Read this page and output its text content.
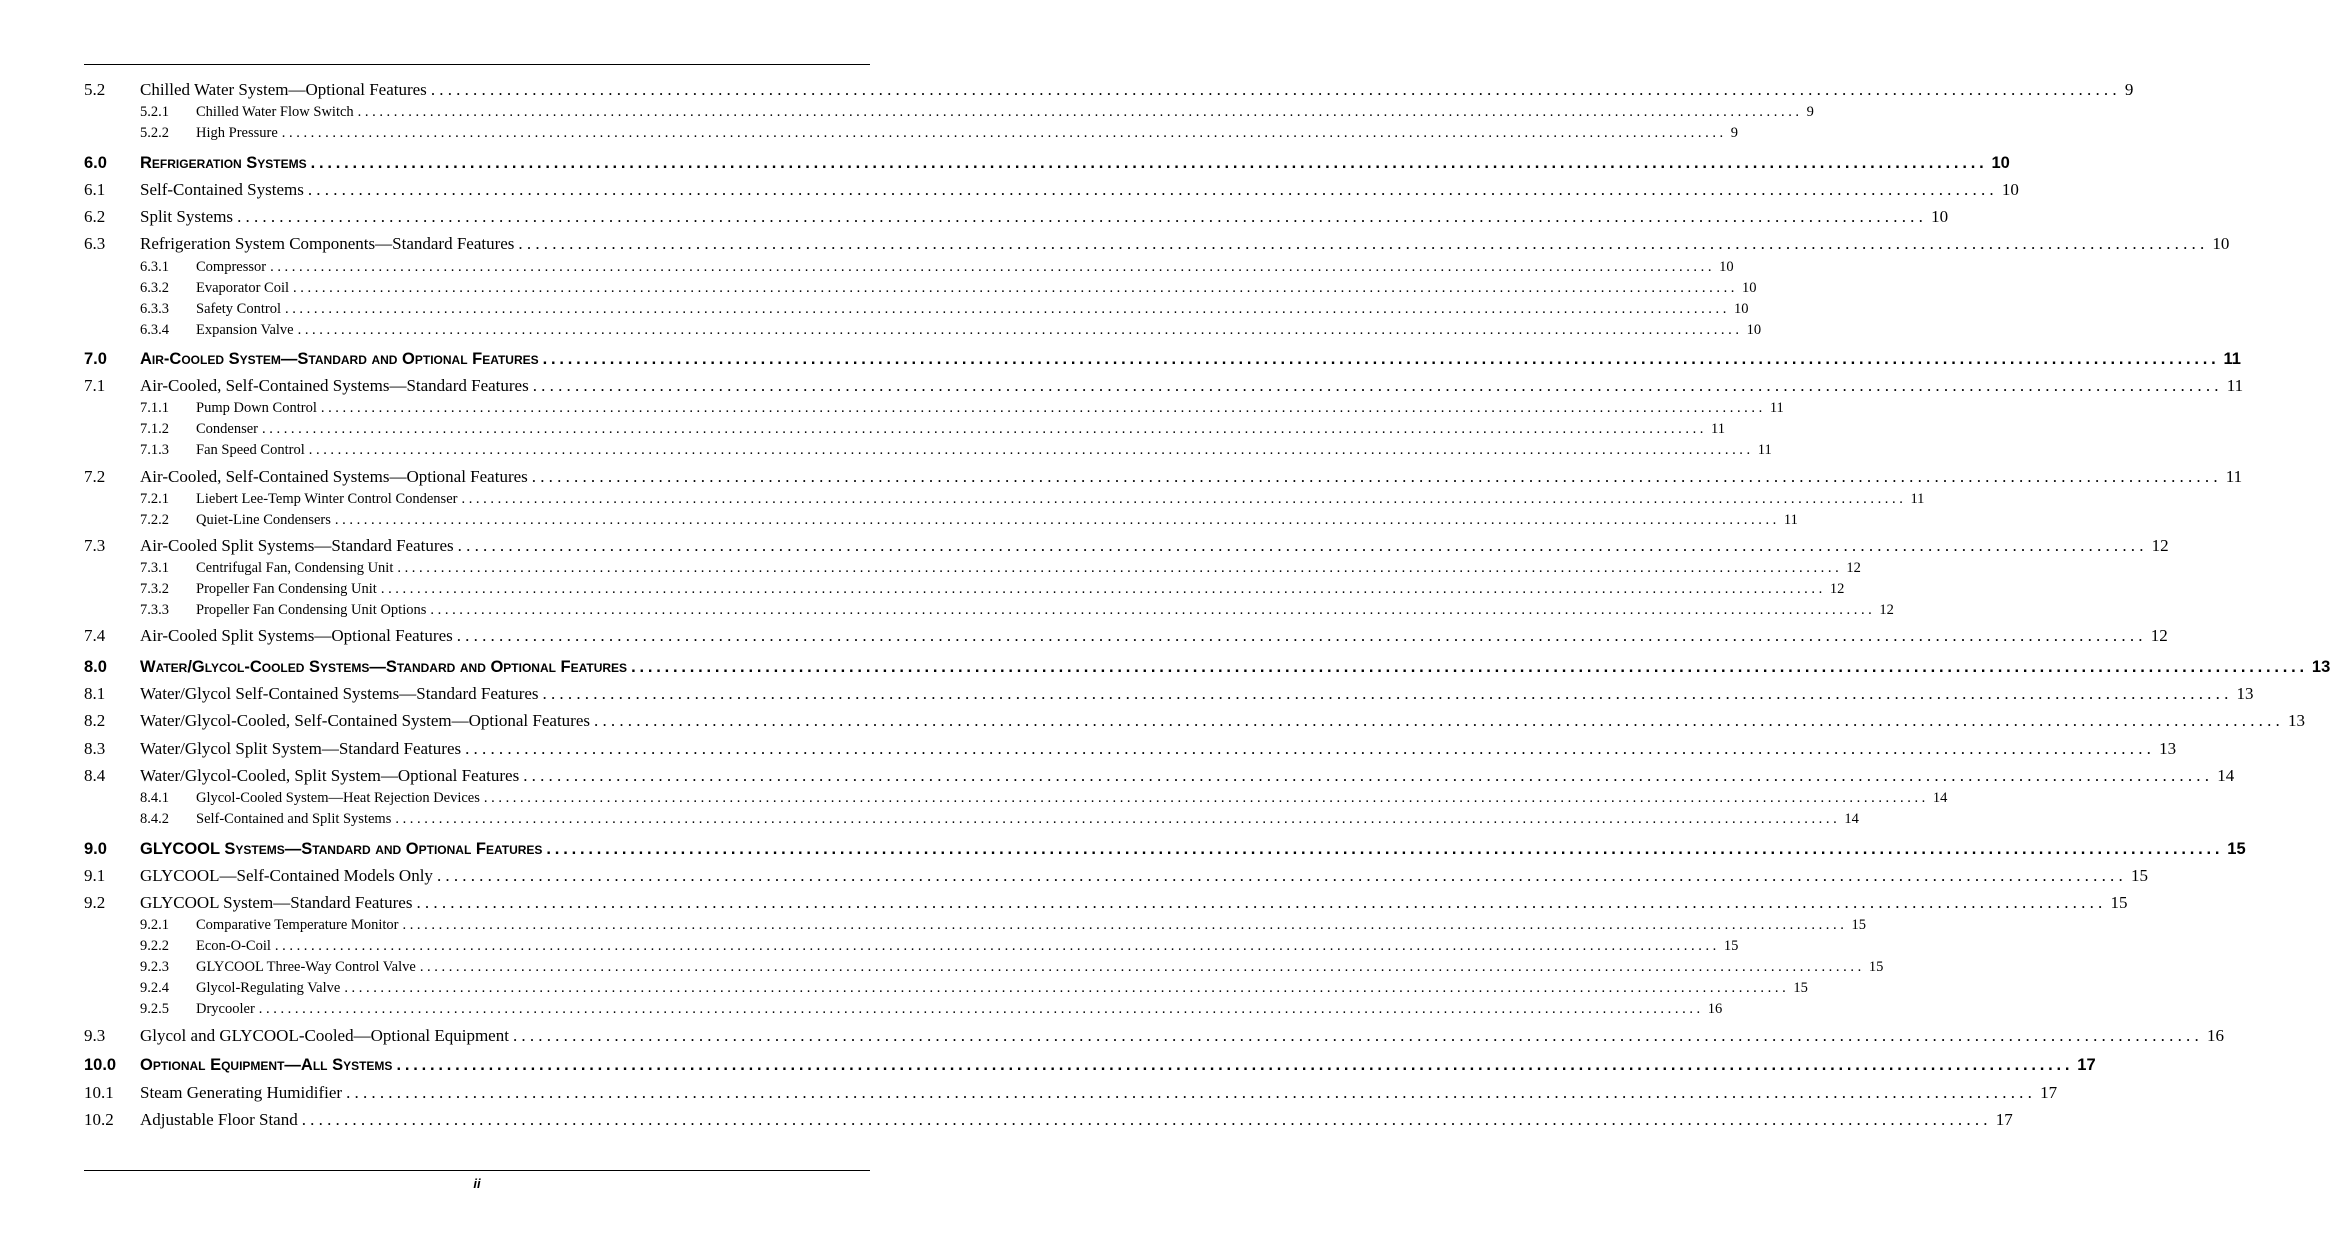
5.2	Chilled Water System—Optional Features ........................................................................................................................................................................................................ 9
5.2.1	Chilled Water Flow Switch ........................................................................................................................................................................................................ 9
5.2.2	High Pressure ........................................................................................................................................................................................................ 9
6.0	Refrigeration Systems ........................................................................................................................................................................................................ 10
6.1	Self-Contained Systems ........................................................................................................................................................................................................ 10
6.2	Split Systems ........................................................................................................................................................................................................ 10
6.3	Refrigeration System Components—Standard Features ........................................................................................................................................................................................................ 10
6.3.1	Compressor ........................................................................................................................................................................................................ 10
6.3.2	Evaporator Coil ........................................................................................................................................................................................................ 10
6.3.3	Safety Control ........................................................................................................................................................................................................ 10
6.3.4	Expansion Valve ........................................................................................................................................................................................................ 10
7.0	Air-Cooled System—Standard and Optional Features ........................................................................................................................................................................................................ 11
7.1	Air-Cooled, Self-Contained Systems—Standard Features ........................................................................................................................................................................................................ 11
7.1.1	Pump Down Control ........................................................................................................................................................................................................ 11
7.1.2	Condenser ........................................................................................................................................................................................................ 11
7.1.3	Fan Speed Control ........................................................................................................................................................................................................ 11
7.2	Air-Cooled, Self-Contained Systems—Optional Features ........................................................................................................................................................................................................ 11
7.2.1	Liebert Lee-Temp Winter Control Condenser ........................................................................................................................................................................................................ 11
7.2.2	Quiet-Line Condensers ........................................................................................................................................................................................................ 11
7.3	Air-Cooled Split Systems—Standard Features ........................................................................................................................................................................................................ 12
7.3.1	Centrifugal Fan, Condensing Unit ........................................................................................................................................................................................................ 12
7.3.2	Propeller Fan Condensing Unit ........................................................................................................................................................................................................ 12
7.3.3	Propeller Fan Condensing Unit Options ........................................................................................................................................................................................................ 12
7.4	Air-Cooled Split Systems—Optional Features ........................................................................................................................................................................................................ 12
8.0	Water/Glycol-Cooled Systems—Standard and Optional Features ........................................................................................................................................................................................................ 13
8.1	Water/Glycol Self-Contained Systems—Standard Features ........................................................................................................................................................................................................ 13
8.2	Water/Glycol-Cooled, Self-Contained System—Optional Features ........................................................................................................................................................................................................ 13
8.3	Water/Glycol Split System—Standard Features ........................................................................................................................................................................................................ 13
8.4	Water/Glycol-Cooled, Split System—Optional Features ........................................................................................................................................................................................................ 14
8.4.1	Glycol-Cooled System—Heat Rejection Devices ........................................................................................................................................................................................................ 14
8.4.2	Self-Contained and Split Systems ........................................................................................................................................................................................................ 14
9.0	GLYCOOL Systems—Standard and Optional Features ........................................................................................................................................................................................................ 15
9.1	GLYCOOL—Self-Contained Models Only ........................................................................................................................................................................................................ 15
9.2	GLYCOOL System—Standard Features ........................................................................................................................................................................................................ 15
9.2.1	Comparative Temperature Monitor ........................................................................................................................................................................................................ 15
9.2.2	Econ-O-Coil ........................................................................................................................................................................................................ 15
9.2.3	GLYCOOL Three-Way Control Valve ........................................................................................................................................................................................................ 15
9.2.4	Glycol-Regulating Valve ........................................................................................................................................................................................................ 15
9.2.5	Drycooler ........................................................................................................................................................................................................ 16
9.3	Glycol and GLYCOOL-Cooled—Optional Equipment ........................................................................................................................................................................................................ 16
10.0	Optional Equipment—All Systems ........................................................................................................................................................................................................ 17
10.1	Steam Generating Humidifier ........................................................................................................................................................................................................ 17
10.2	Adjustable Floor Stand ........................................................................................................................................................................................................ 17
ii
